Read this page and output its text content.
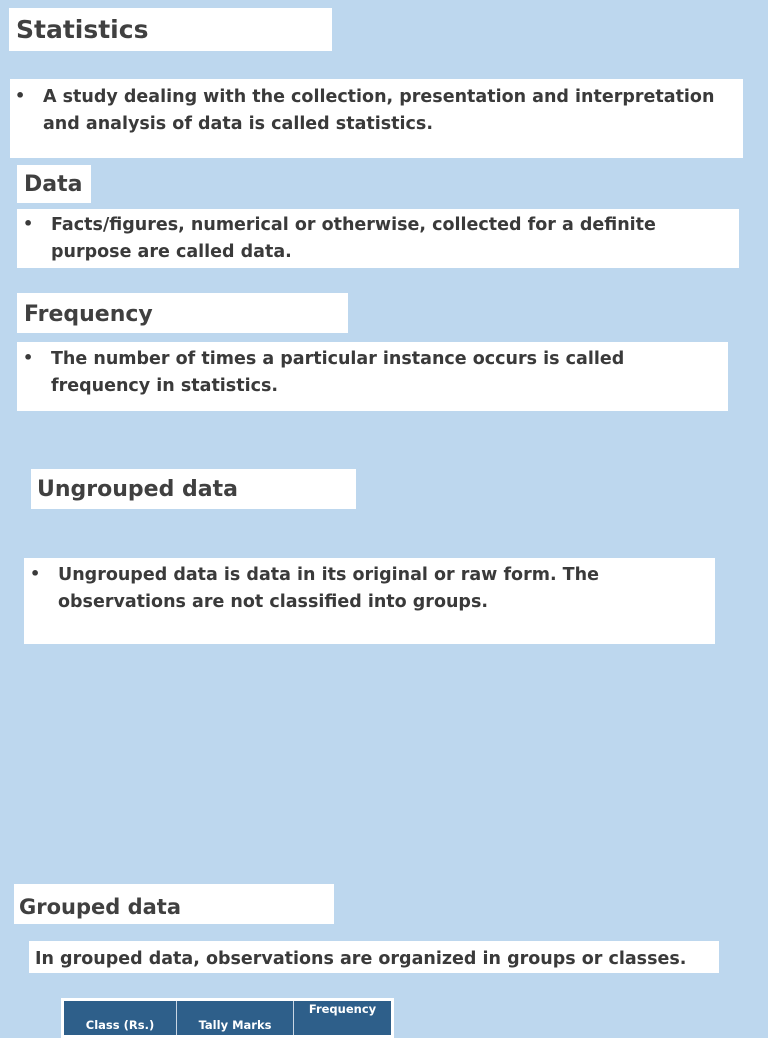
Statistics
•	A study dealing with the collection, presentation and interpretation and analysis of data is called statistics.
Data
•	Facts/figures, numerical or otherwise, collected for a definite purpose are called data.
Frequency
•	The number of times a particular instance occurs is called frequency in statistics.
Ungrouped data
•	Ungrouped data is data in its original or raw form. The observations are not classified into groups.
Grouped data
In grouped data, observations are organized in groups or classes.
Class (Rs.)	Tally Marks	Frequency
